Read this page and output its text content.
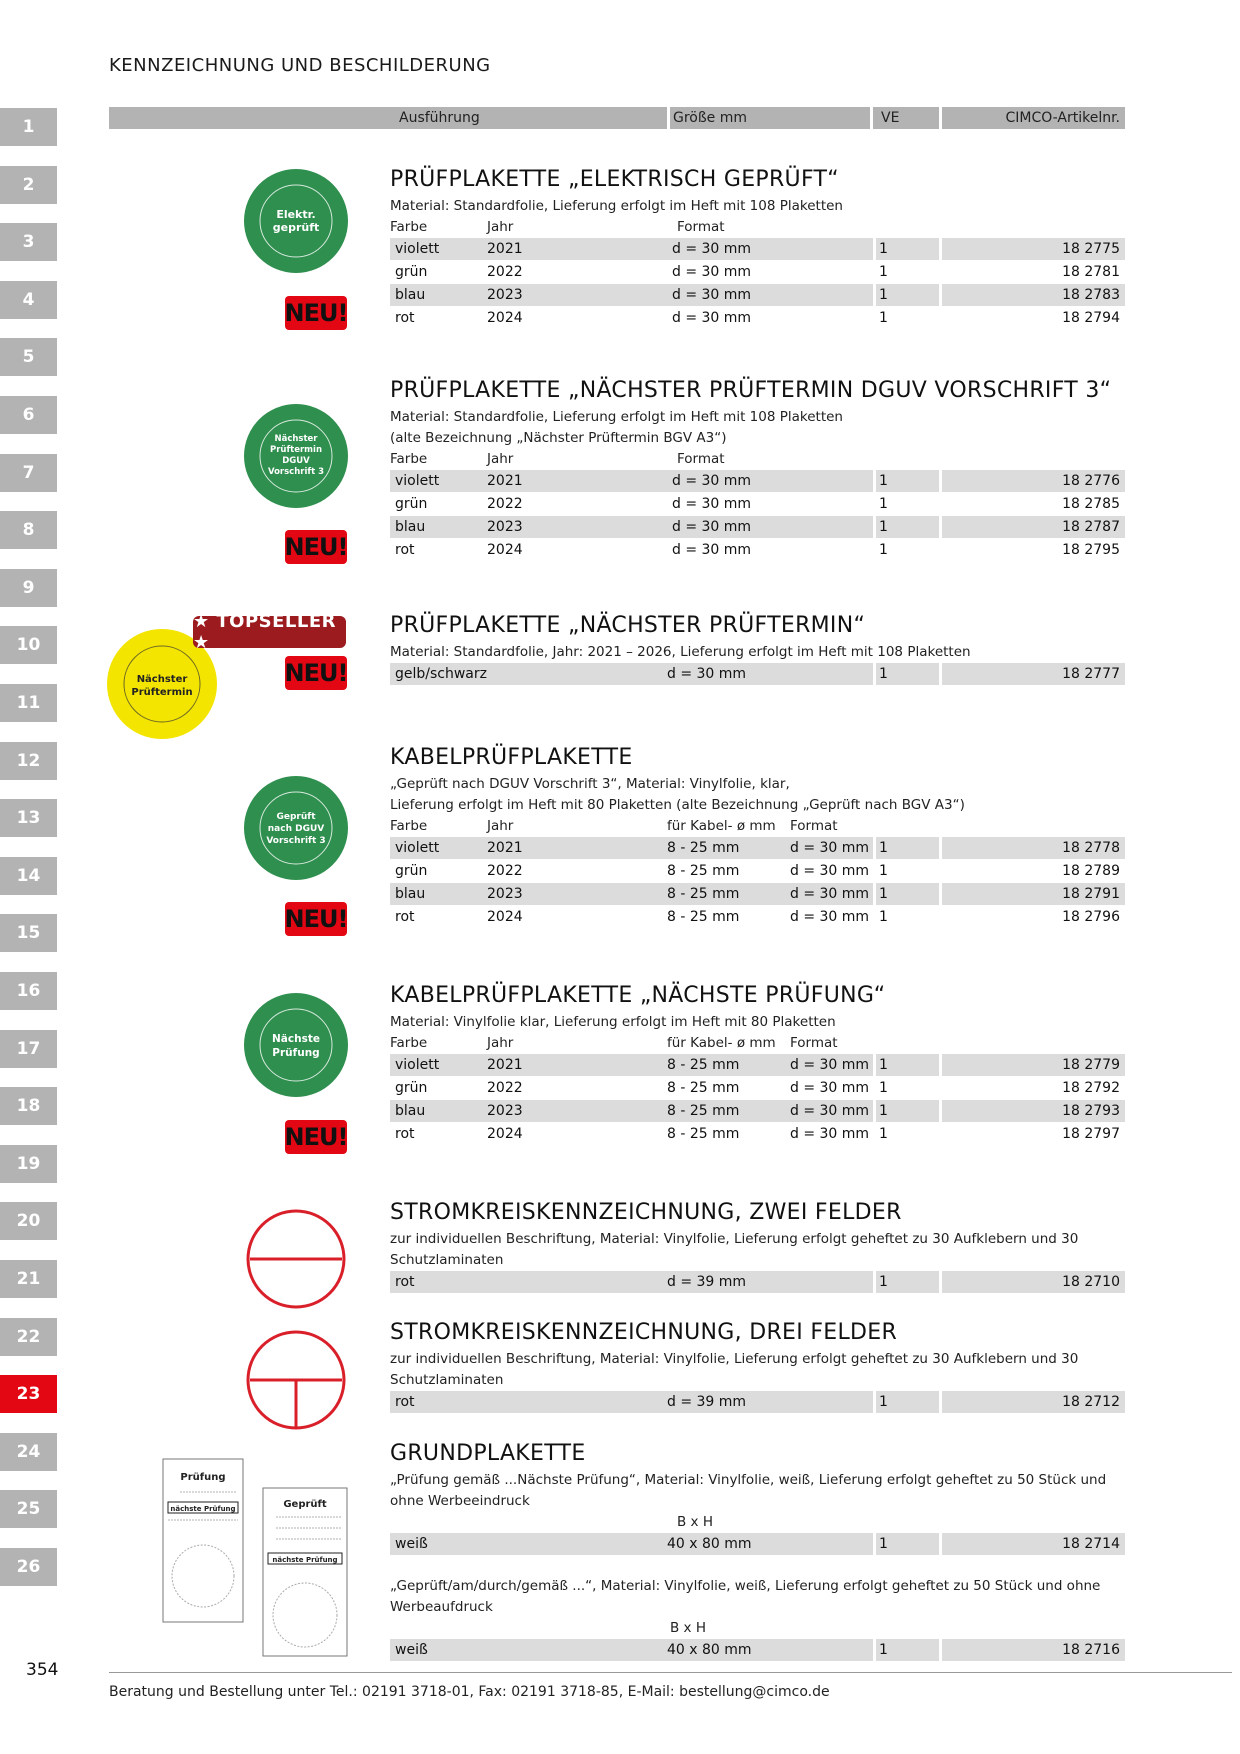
KENNZEICHNUNG UND BESCHILDERUNG
1
2
3
4
5
6
7
8
9
10
11
12
13
14
15
16
17
18
19
20
21
22
23
24
25
26
Ausführung	Größe mm	VE	CIMCO-Artikelnr.
Elektr.
geprüft
NEU!
PRÜFPLAKETTE „ELEKTRISCH GEPRÜFT“
Material: Standardfolie, Lieferung erfolgt im Heft mit 108 Plaketten
Farbe	Jahr	Format
violett	2021	d = 30 mm	1	18 2775
grün	2022	d = 30 mm	1	18 2781
blau	2023	d = 30 mm	1	18 2783
rot	2024	d = 30 mm	1	18 2794
Nächster
Prüftermin
DGUV
Vorschrift 3
NEU!
PRÜFPLAKETTE „NÄCHSTER PRÜFTERMIN DGUV VORSCHRIFT 3“
Material: Standardfolie, Lieferung erfolgt im Heft mit 108 Plaketten
(alte Bezeichnung „Nächster Prüftermin BGV A3“)
Farbe	Jahr	Format
violett	2021	d = 30 mm	1	18 2776
grün	2022	d = 30 mm	1	18 2785
blau	2023	d = 30 mm	1	18 2787
rot	2024	d = 30 mm	1	18 2795
Nächster
Prüftermin
★ TOPSELLER ★
NEU!
PRÜFPLAKETTE „NÄCHSTER PRÜFTERMIN“
Material: Standardfolie, Jahr: 2021 – 2026, Lieferung erfolgt im Heft mit 108 Plaketten
gelb/schwarz	d = 30 mm	1	18 2777
Geprüft
nach DGUV
Vorschrift 3
NEU!
KABELPRÜFPLAKETTE
„Geprüft nach DGUV Vorschrift 3“, Material: Vinylfolie, klar,
Lieferung erfolgt im Heft mit 80 Plaketten (alte Bezeichnung „Geprüft nach BGV A3“)
Farbe	Jahr	für Kabel- ø mm Format
violett	2021	8 - 25 mm	d = 30 mm 1	18 2778
grün	2022	8 - 25 mm	d = 30 mm 1	18 2789
blau	2023	8 - 25 mm	d = 30 mm 1	18 2791
rot	2024	8 - 25 mm	d = 30 mm 1	18 2796
Nächste
Prüfung
NEU!
KABELPRÜFPLAKETTE „NÄCHSTE PRÜFUNG“
Material: Vinylfolie klar, Lieferung erfolgt im Heft mit 80 Plaketten
Farbe	Jahr	für Kabel- ø mm Format
violett	2021	8 - 25 mm	d = 30 mm 1	18 2779
grün	2022	8 - 25 mm	d = 30 mm 1	18 2792
blau	2023	8 - 25 mm	d = 30 mm 1	18 2793
rot	2024	8 - 25 mm	d = 30 mm 1	18 2797
STROMKREISKENNZEICHNUNG, ZWEI FELDER
zur individuellen Beschriftung, Material: Vinylfolie, Lieferung erfolgt geheftet zu 30 Aufklebern und 30 Schutzlaminaten
rot	d = 39 mm	1	18 2710
STROMKREISKENNZEICHNUNG, DREI FELDER
zur individuellen Beschriftung, Material: Vinylfolie, Lieferung erfolgt geheftet zu 30 Aufklebern und 30 Schutzlaminaten
rot	d = 39 mm	1	18 2712
Prüfung
nächste Prüfung	Geprüft
nächste Prüfung
GRUNDPLAKETTE
„Prüfung gemäß ...Nächste Prüfung“, Material: Vinylfolie, weiß, Lieferung erfolgt geheftet zu 50 Stück und ohne Werbeeindruck
B x H
weiß	40 x 80 mm	1	18 2714
„Geprüft/am/durch/gemäß ...“, Material: Vinylfolie, weiß, Lieferung erfolgt geheftet zu 50 Stück und ohne Werbeaufdruck
B x H
weiß	40 x 80 mm	1	18 2716
354
Beratung und Bestellung unter Tel.: 02191 3718-01, Fax: 02191 3718-85, E-Mail: bestellung@cimco.de
